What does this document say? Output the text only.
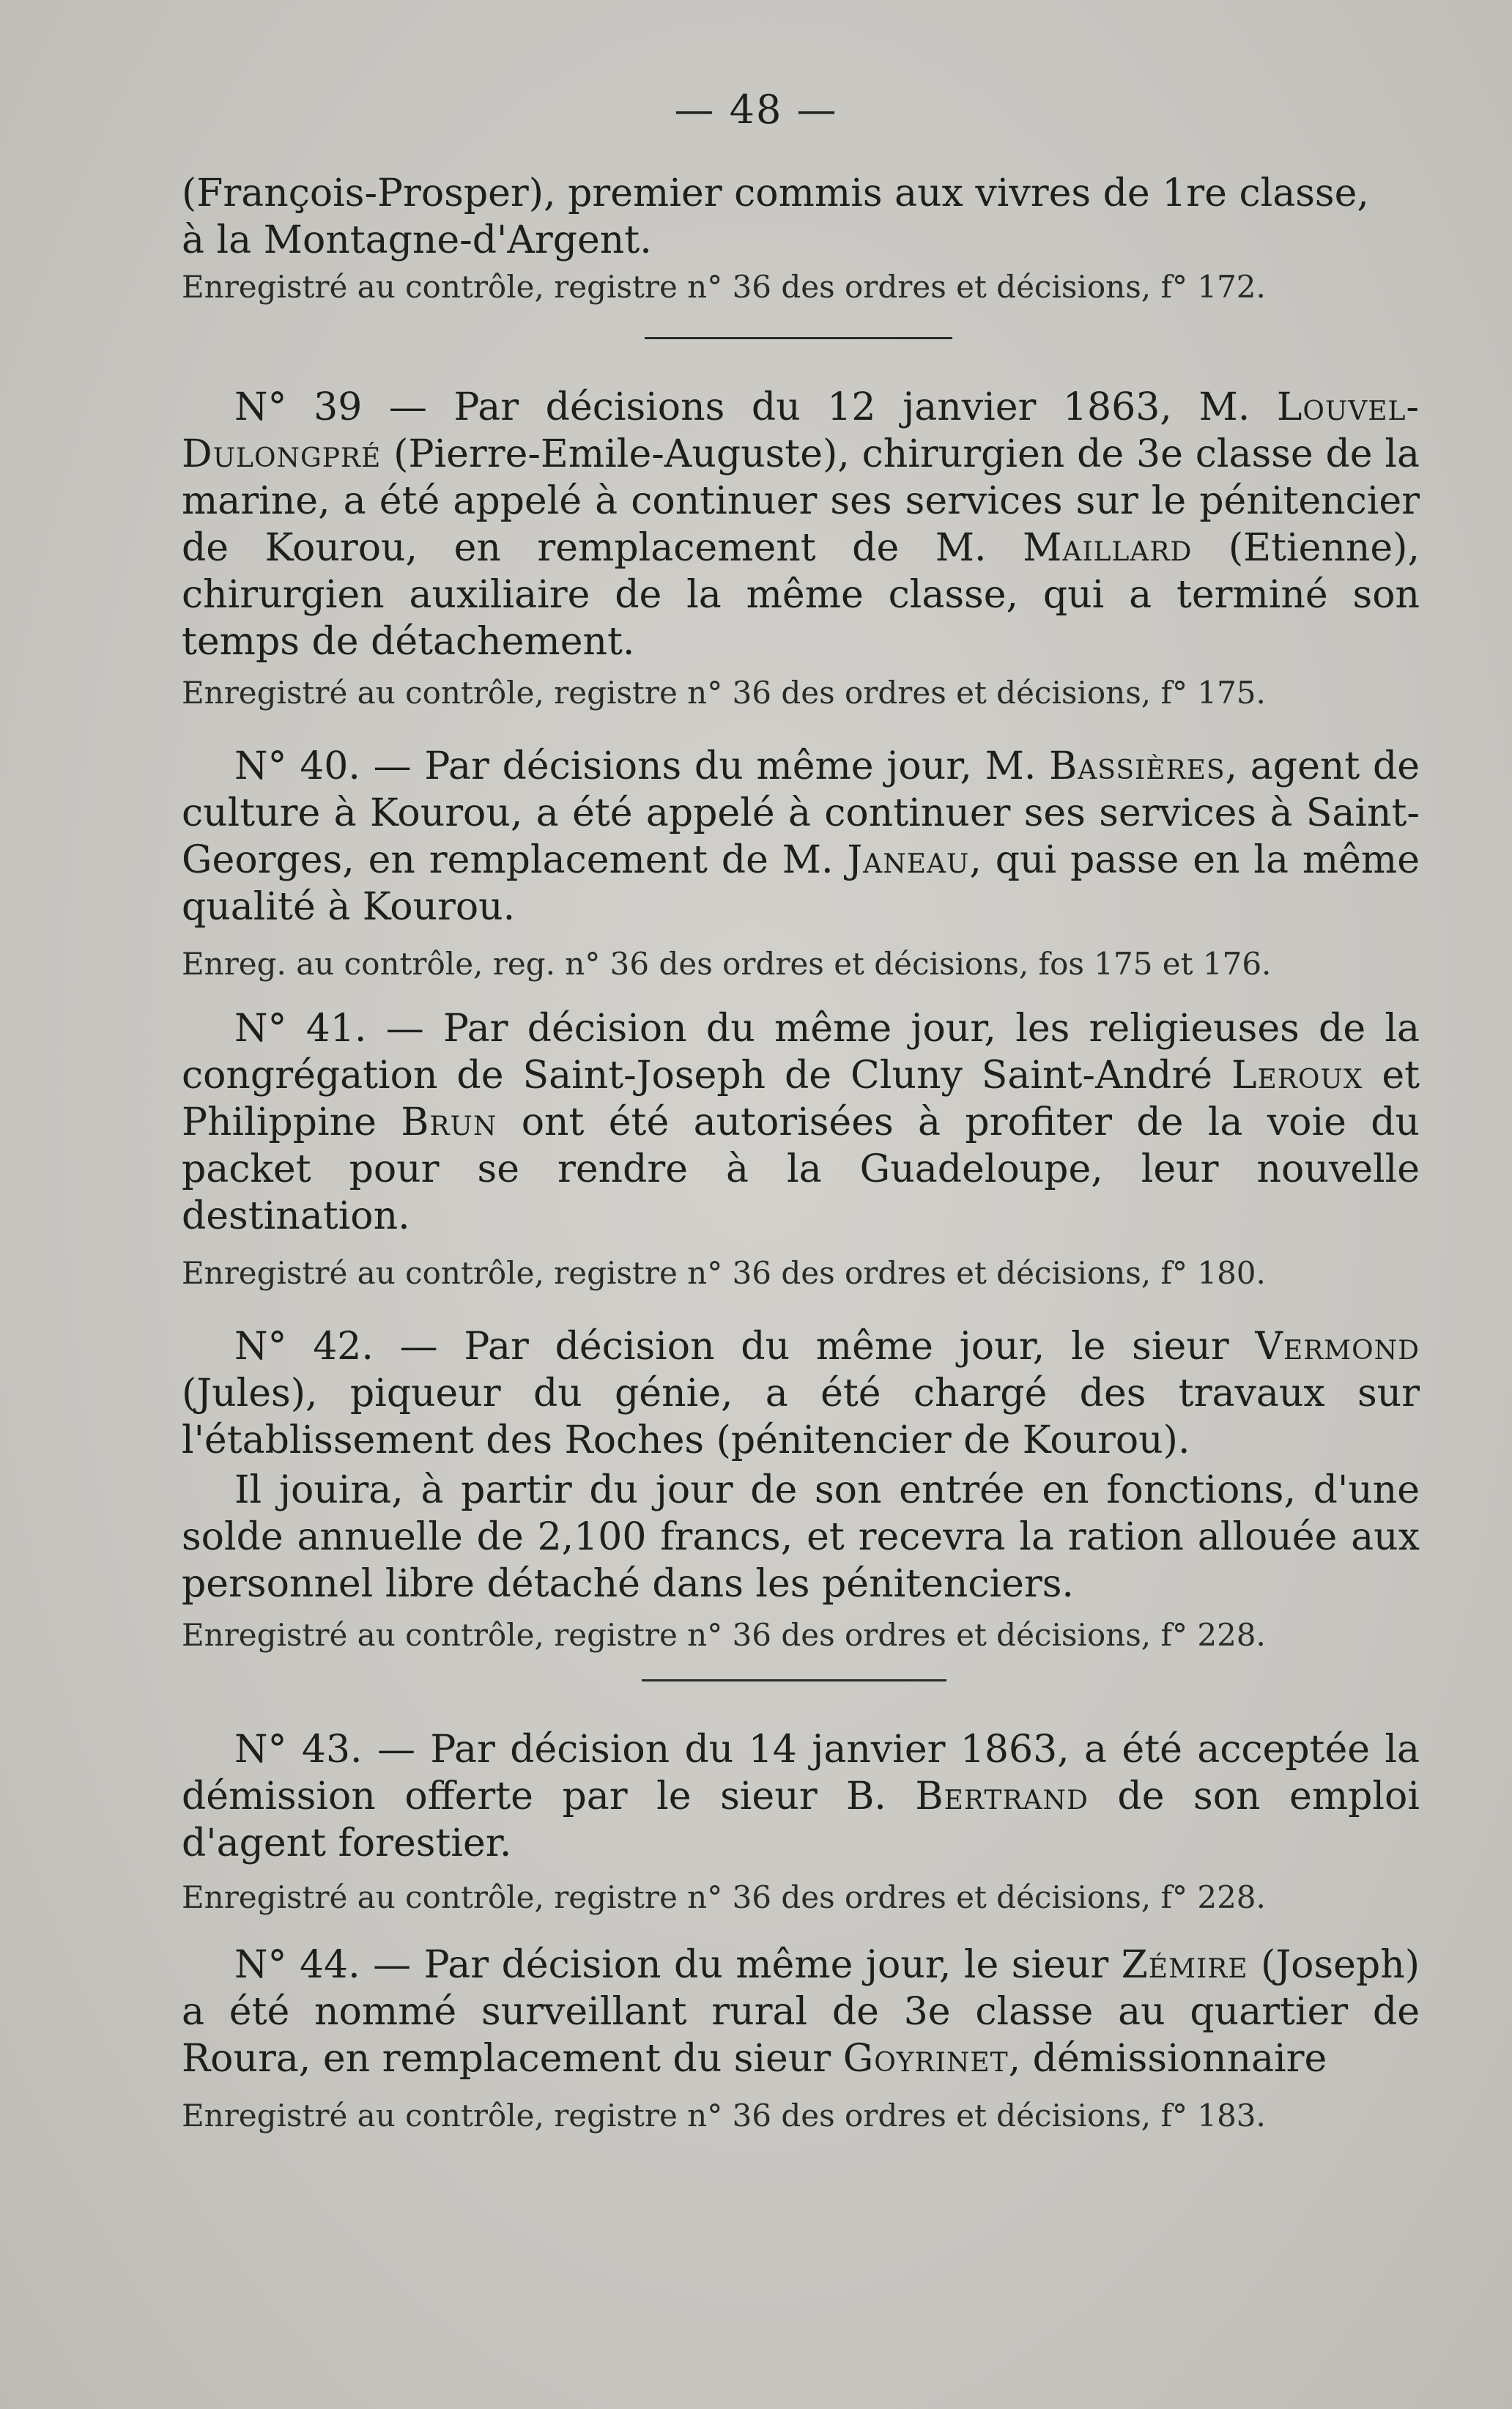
— 48 —

(François-Prosper), premier commis aux vivres de 1re classe,

à la Montagne-d'Argent.

Enregistré au contrôle, registre n° 36 des ordres et décisions, f° 172.

N° 39 — Par décisions du 12 janvier 1863, M. Louvel-Dulongpré (Pierre-Emile-Auguste), chirurgien de 3e classe de la marine, a été appelé à continuer ses services sur le pénitencier de Kourou, en remplacement de M. Maillard (Etienne), chirurgien auxiliaire de la même classe, qui a terminé son temps de détachement.

Enregistré au contrôle, registre n° 36 des ordres et décisions, f° 175.

N° 40. — Par décisions du même jour, M. Bassières, agent de culture à Kourou, a été appelé à continuer ses services à Saint-Georges, en remplacement de M. Janeau, qui passe en la même qualité à Kourou.

Enreg. au contrôle, reg. n° 36 des ordres et décisions, fos 175 et 176.

N° 41. — Par décision du même jour, les religieuses de la congrégation de Saint-Joseph de Cluny Saint-André Leroux et Philippine Brun ont été autorisées à profiter de la voie du packet pour se rendre à la Guadeloupe, leur nouvelle destination.

Enregistré au contrôle, registre n° 36 des ordres et décisions, f° 180.

N° 42. — Par décision du même jour, le sieur Vermond (Jules), piqueur du génie, a été chargé des travaux sur l'établissement des Roches (pénitencier de Kourou).

Il jouira, à partir du jour de son entrée en fonctions, d'une solde annuelle de 2,100 francs, et recevra la ration allouée aux personnel libre détaché dans les pénitenciers.

Enregistré au contrôle, registre n° 36 des ordres et décisions, f° 228.

N° 43. — Par décision du 14 janvier 1863, a été acceptée la démission offerte par le sieur B. Bertrand de son emploi d'agent forestier.

Enregistré au contrôle, registre n° 36 des ordres et décisions, f° 228.

N° 44. — Par décision du même jour, le sieur Zémire (Joseph) a été nommé surveillant rural de 3e classe au quartier de Roura, en remplacement du sieur Goyrinet, démissionnaire

Enregistré au contrôle, registre n° 36 des ordres et décisions, f° 183.
